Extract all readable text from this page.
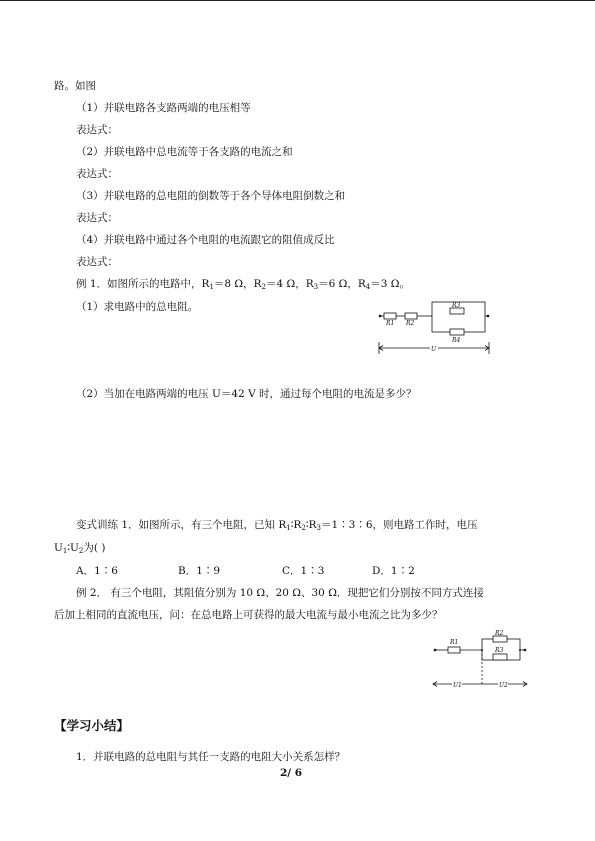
路。如图
（1）并联电路各支路两端的电压相等
表达式：
（2）并联电路中总电流等于各支路的电流之和
表达式：
（3）并联电路的总电阻的倒数等于各个导体电阻倒数之和
表达式：
（4）并联电路中通过各个电阻的电流跟它的阻值成反比
表达式：
例 1．如图所示的电路中，$R_1=8$ Ω，$R_2=4$ Ω，$R_3=6$ Ω，$R_4=3$ Ω。
（1）求电路中的总电阻。
R1 R2
R3
R4
U
（2）当加在电路两端的电压 U＝42 V 时，通过每个电阻的电流是多少？
变式训练 1．如图所示，有三个电阻，已知 $R_1∶R_2∶R_3=1∶3∶6$，则电路工作时，电压
$U_1∶U_2$为( )
A．1∶6	B．1∶9	C．1∶3	D．1∶2
例 2． 有三个电阻，其阻值分别为 10 Ω、20 Ω、30 Ω．现把它们分别按不同方式连接
后加上相同的直流电压，问：在总电路上可获得的最大电流与最小电流之比为多少？
R1
R2
R3
U1	U2
【学习小结】
1．并联电路的总电阻与其任一支路的电阻大小关系怎样？
2/ 6
